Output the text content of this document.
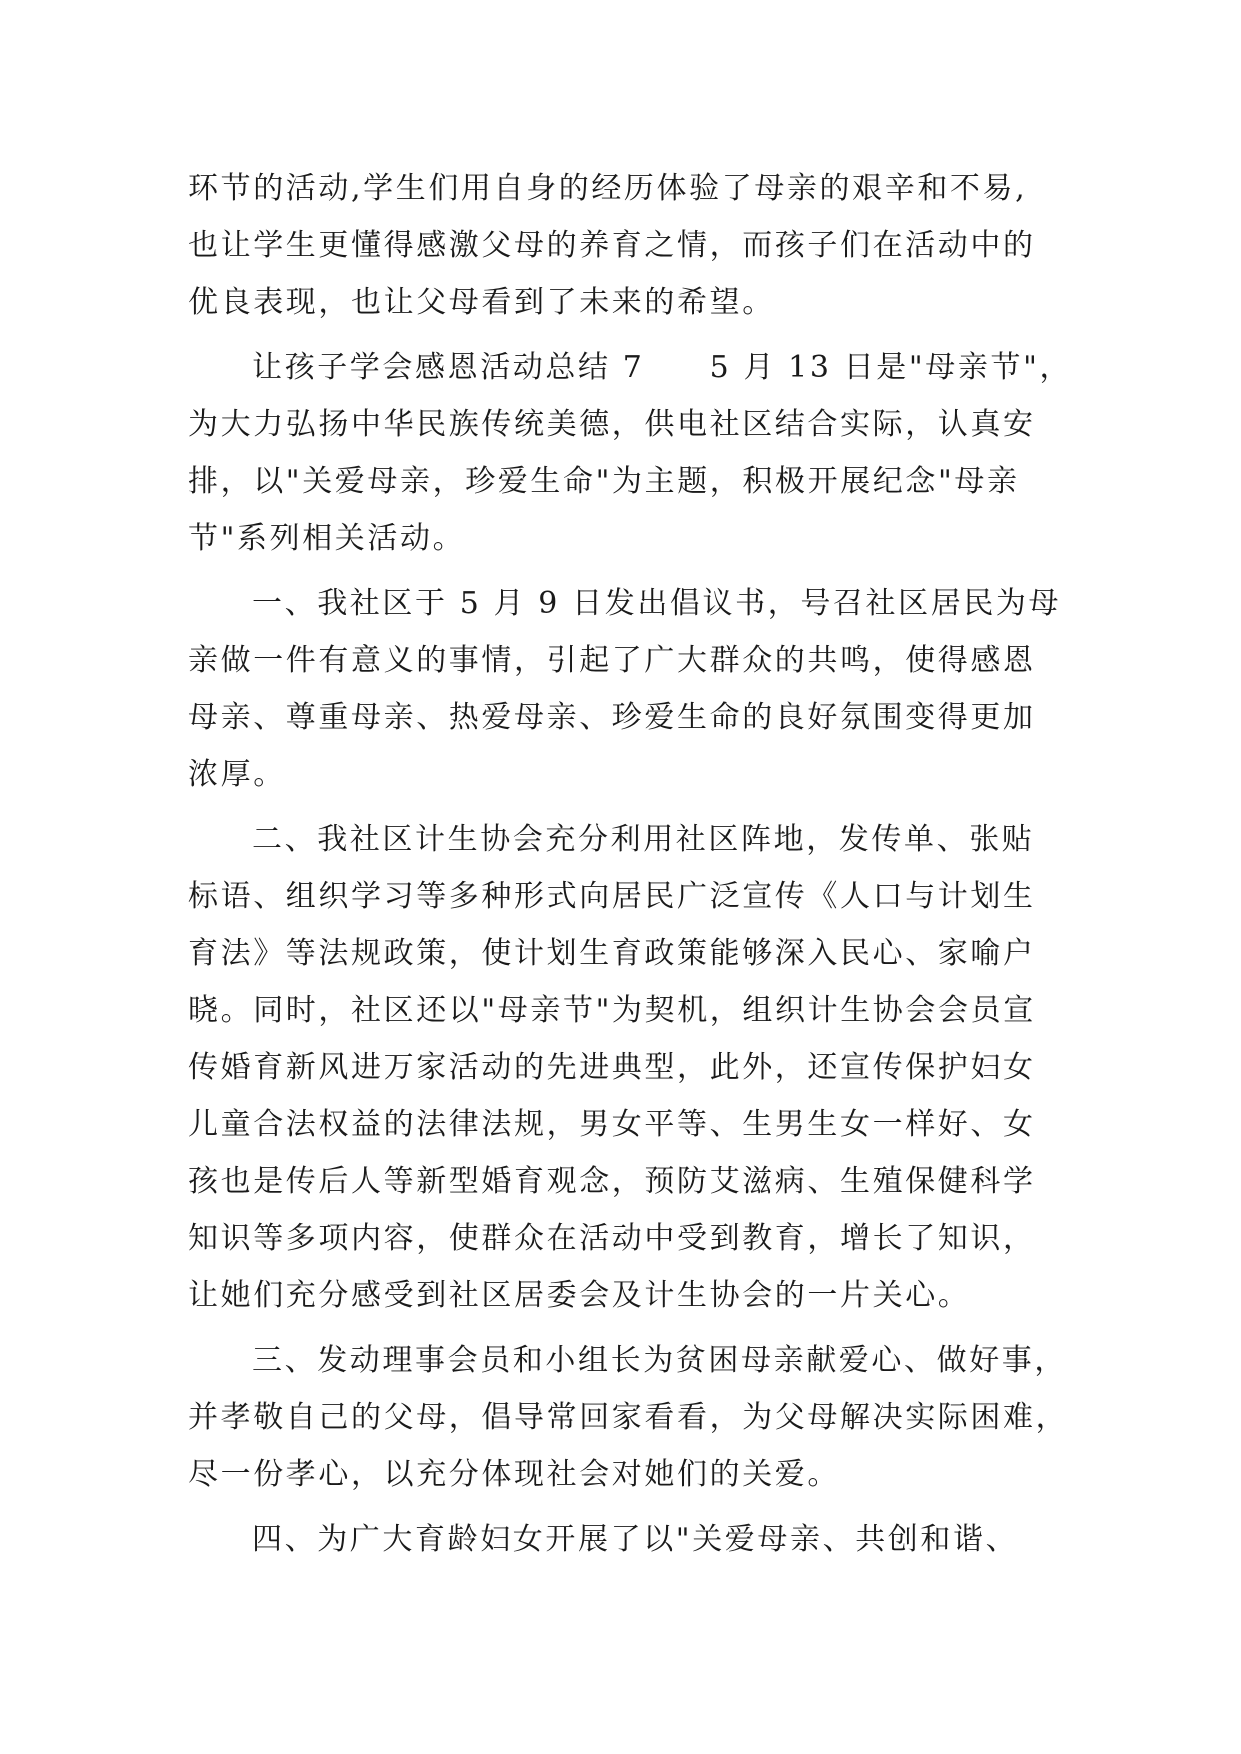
环节的活动,学生们用自身的经历体验了母亲的艰辛和不易,
也让学生更懂得感激父母的养育之情，而孩子们在活动中的
优良表现，也让父母看到了未来的希望。
让孩子学会感恩活动总结 7　　5 月 13 日是"母亲节"，
为大力弘扬中华民族传统美德，供电社区结合实际，认真安
排，以"关爱母亲，珍爱生命"为主题，积极开展纪念"母亲
节"系列相关活动。
一、我社区于 5 月 9 日发出倡议书，号召社区居民为母
亲做一件有意义的事情，引起了广大群众的共鸣，使得感恩
母亲、尊重母亲、热爱母亲、珍爱生命的良好氛围变得更加
浓厚。
二、我社区计生协会充分利用社区阵地，发传单、张贴
标语、组织学习等多种形式向居民广泛宣传《人口与计划生
育法》等法规政策，使计划生育政策能够深入民心、家喻户
晓。同时，社区还以"母亲节"为契机，组织计生协会会员宣
传婚育新风进万家活动的先进典型，此外，还宣传保护妇女
儿童合法权益的法律法规，男女平等、生男生女一样好、女
孩也是传后人等新型婚育观念，预防艾滋病、生殖保健科学
知识等多项内容，使群众在活动中受到教育，增长了知识，
让她们充分感受到社区居委会及计生协会的一片关心。
三、发动理事会员和小组长为贫困母亲献爱心、做好事，
并孝敬自己的父母，倡导常回家看看，为父母解决实际困难，
尽一份孝心，以充分体现社会对她们的关爱。
四、为广大育龄妇女开展了以"关爱母亲、共创和谐、
